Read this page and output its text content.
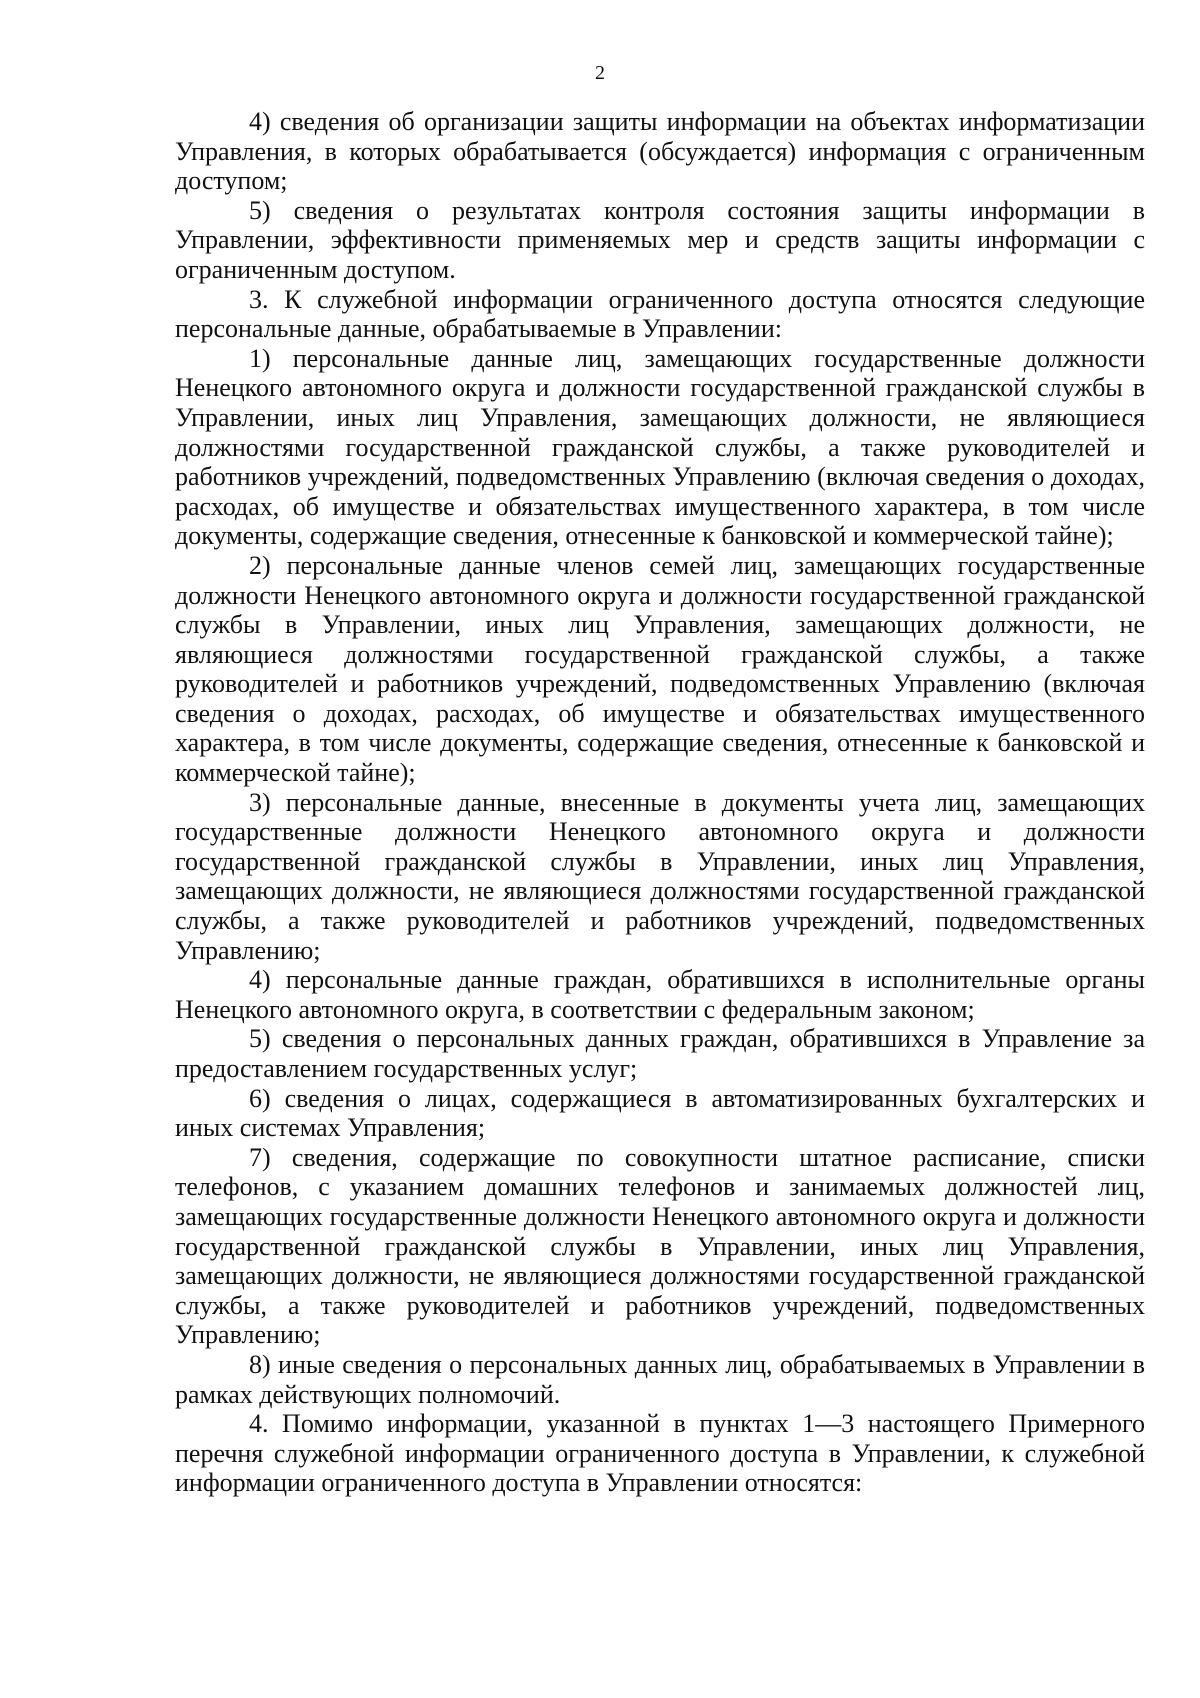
2

4) сведения об организации защиты информации на объектах информатизации Управления, в которых обрабатывается (обсуждается) информация с ограниченным доступом;

5) сведения о результатах контроля состояния защиты информации в Управлении, эффективности применяемых мер и средств защиты информации с ограниченным доступом.

3. К служебной информации ограниченного доступа относятся следующие персональные данные, обрабатываемые в Управлении:

1) персональные данные лиц, замещающих государственные должности Ненецкого автономного округа и должности государственной гражданской службы в Управлении, иных лиц Управления, замещающих должности, не являющиеся должностями государственной гражданской службы, а также руководителей и работников учреждений, подведомственных Управлению (включая сведения о доходах, расходах, об имуществе и обязательствах имущественного характера, в том числе документы, содержащие сведения, отнесенные к банковской и коммерческой тайне);

2) персональные данные членов семей лиц, замещающих государственные должности Ненецкого автономного округа и должности государственной гражданской службы в Управлении, иных лиц Управления, замещающих должности, не являющиеся должностями государственной гражданской службы, а также руководителей и работников учреждений, подведомственных Управлению (включая сведения о доходах, расходах, об имуществе и обязательствах имущественного характера, в том числе документы, содержащие сведения, отнесенные к банковской и коммерческой тайне);

3) персональные данные, внесенные в документы учета лиц, замещающих государственные должности Ненецкого автономного округа и должности государственной гражданской службы в Управлении, иных лиц Управления, замещающих должности, не являющиеся должностями государственной гражданской службы, а также руководителей и работников учреждений, подведомственных Управлению;

4) персональные данные граждан, обратившихся в исполнительные органы Ненецкого автономного округа, в соответствии с федеральным законом;

5) сведения о персональных данных граждан, обратившихся в Управление за предоставлением государственных услуг;

6) сведения о лицах, содержащиеся в автоматизированных бухгалтерских и иных системах Управления;

7) сведения, содержащие по совокупности штатное расписание, списки телефонов, с указанием домашних телефонов и занимаемых должностей лиц, замещающих государственные должности Ненецкого автономного округа и должности государственной гражданской службы в Управлении, иных лиц Управления, замещающих должности, не являющиеся должностями государственной гражданской службы, а также руководителей и работников учреждений, подведомственных Управлению;

8) иные сведения о персональных данных лиц, обрабатываемых в Управлении в рамках действующих полномочий.

4. Помимо информации, указанной в пунктах 1—3 настоящего Примерного перечня служебной информации ограниченного доступа в Управлении, к служебной информации ограниченного доступа в Управлении относятся:
